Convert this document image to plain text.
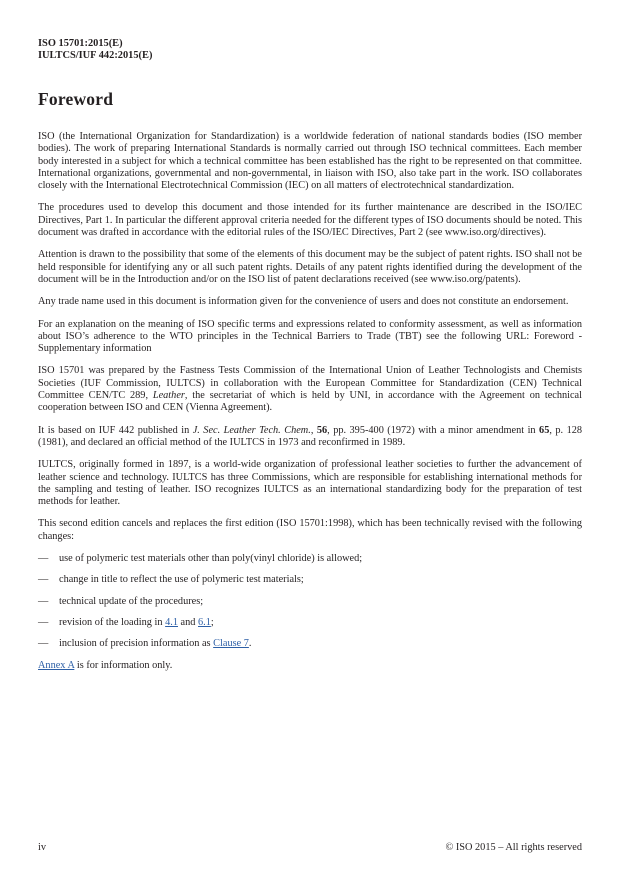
ISO 15701:2015(E)
IULTCS/IUF 442:2015(E)
Foreword

ISO (the International Organization for Standardization) is a worldwide federation of national standards bodies (ISO member bodies). The work of preparing International Standards is normally carried out through ISO technical committees. Each member body interested in a subject for which a technical committee has been established has the right to be represented on that committee. International organizations, governmental and non-governmental, in liaison with ISO, also take part in the work. ISO collaborates closely with the International Electrotechnical Commission (IEC) on all matters of electrotechnical standardization.

The procedures used to develop this document and those intended for its further maintenance are described in the ISO/IEC Directives, Part 1. In particular the different approval criteria needed for the different types of ISO documents should be noted. This document was drafted in accordance with the editorial rules of the ISO/IEC Directives, Part 2 (see www.iso.org/directives).

Attention is drawn to the possibility that some of the elements of this document may be the subject of patent rights. ISO shall not be held responsible for identifying any or all such patent rights. Details of any patent rights identified during the development of the document will be in the Introduction and/or on the ISO list of patent declarations received (see www.iso.org/patents).

Any trade name used in this document is information given for the convenience of users and does not constitute an endorsement.

For an explanation on the meaning of ISO specific terms and expressions related to conformity assessment, as well as information about ISO’s adherence to the WTO principles in the Technical Barriers to Trade (TBT) see the following URL: Foreword - Supplementary information

ISO 15701 was prepared by the Fastness Tests Commission of the International Union of Leather Technologists and Chemists Societies (IUF Commission, IULTCS) in collaboration with the European Committee for Standardization (CEN) Technical Committee CEN/TC 289, Leather, the secretariat of which is held by UNI, in accordance with the Agreement on technical cooperation between ISO and CEN (Vienna Agreement).

It is based on IUF 442 published in J. Sec. Leather Tech. Chem., 56, pp. 395-400 (1972) with a minor amendment in 65, p. 128 (1981), and declared an official method of the IULTCS in 1973 and reconfirmed in 1989.

IULTCS, originally formed in 1897, is a world-wide organization of professional leather societies to further the advancement of leather science and technology. IULTCS has three Commissions, which are responsible for establishing international methods for the sampling and testing of leather. ISO recognizes IULTCS as an international standardizing body for the preparation of test methods for leather.

This second edition cancels and replaces the first edition (ISO 15701:1998), which has been technically revised with the following changes:

—	use of polymeric test materials other than poly(vinyl chloride) is allowed;
—	change in title to reflect the use of polymeric test materials;
—	technical update of the procedures;
—	revision of the loading in 4.1 and 6.1;
—	inclusion of precision information as Clause 7.

Annex A is for information only.

iv	© ISO 2015 – All rights reserved
